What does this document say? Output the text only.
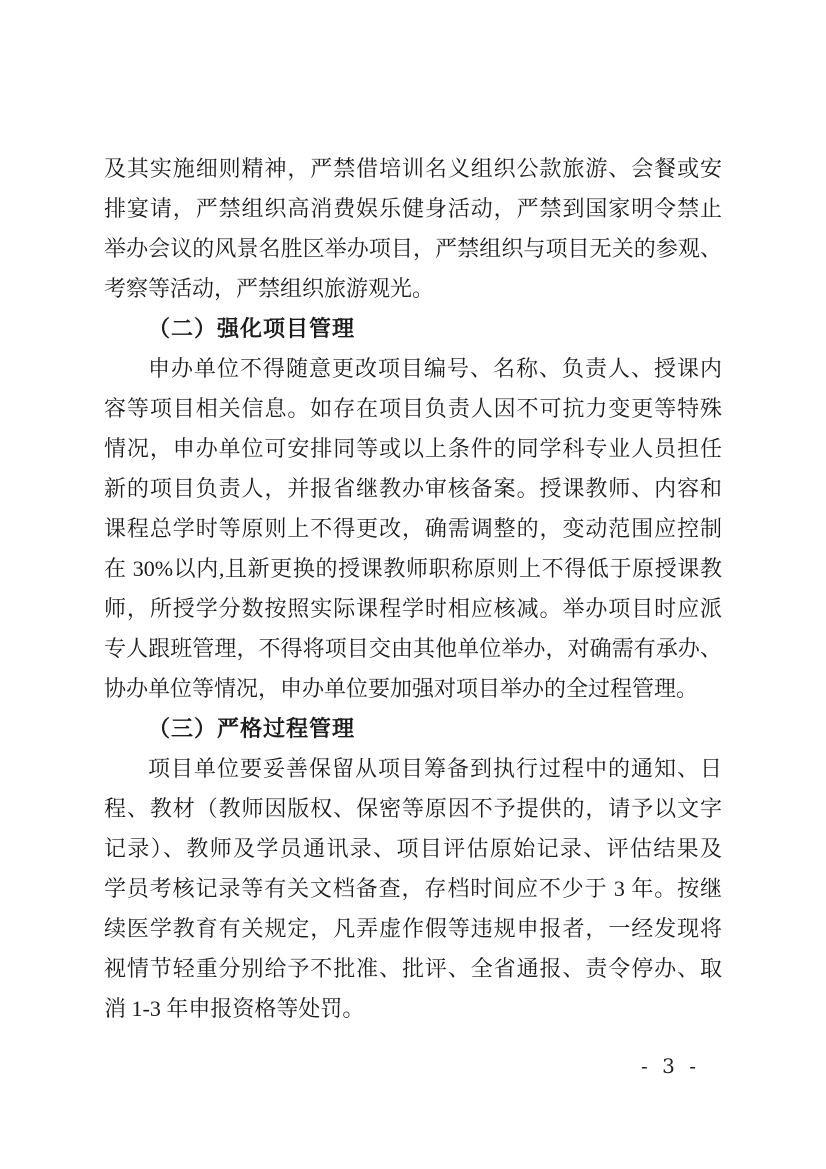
及其实施细则精神，严禁借培训名义组织公款旅游、会餐或安
排宴请，严禁组织高消费娱乐健身活动，严禁到国家明令禁止
举办会议的风景名胜区举办项目，严禁组织与项目无关的参观、
考察等活动，严禁组织旅游观光。
（二）强化项目管理
申办单位不得随意更改项目编号、名称、负责人、授课内
容等项目相关信息。如存在项目负责人因不可抗力变更等特殊
情况，申办单位可安排同等或以上条件的同学科专业人员担任
新的项目负责人，并报省继教办审核备案。授课教师、内容和
课程总学时等原则上不得更改，确需调整的，变动范围应控制
在 30%以内,且新更换的授课教师职称原则上不得低于原授课教
师，所授学分数按照实际课程学时相应核减。举办项目时应派
专人跟班管理，不得将项目交由其他单位举办，对确需有承办、
协办单位等情况，申办单位要加强对项目举办的全过程管理。
（三）严格过程管理
项目单位要妥善保留从项目筹备到执行过程中的通知、日
程、教材（教师因版权、保密等原因不予提供的，请予以文字
记录）、教师及学员通讯录、项目评估原始记录、评估结果及
学员考核记录等有关文档备查，存档时间应不少于 3 年。按继
续医学教育有关规定，凡弄虚作假等违规申报者，一经发现将
视情节轻重分别给予不批准、批评、全省通报、责令停办、取
消 1-3 年申报资格等处罚。
- 3 -
